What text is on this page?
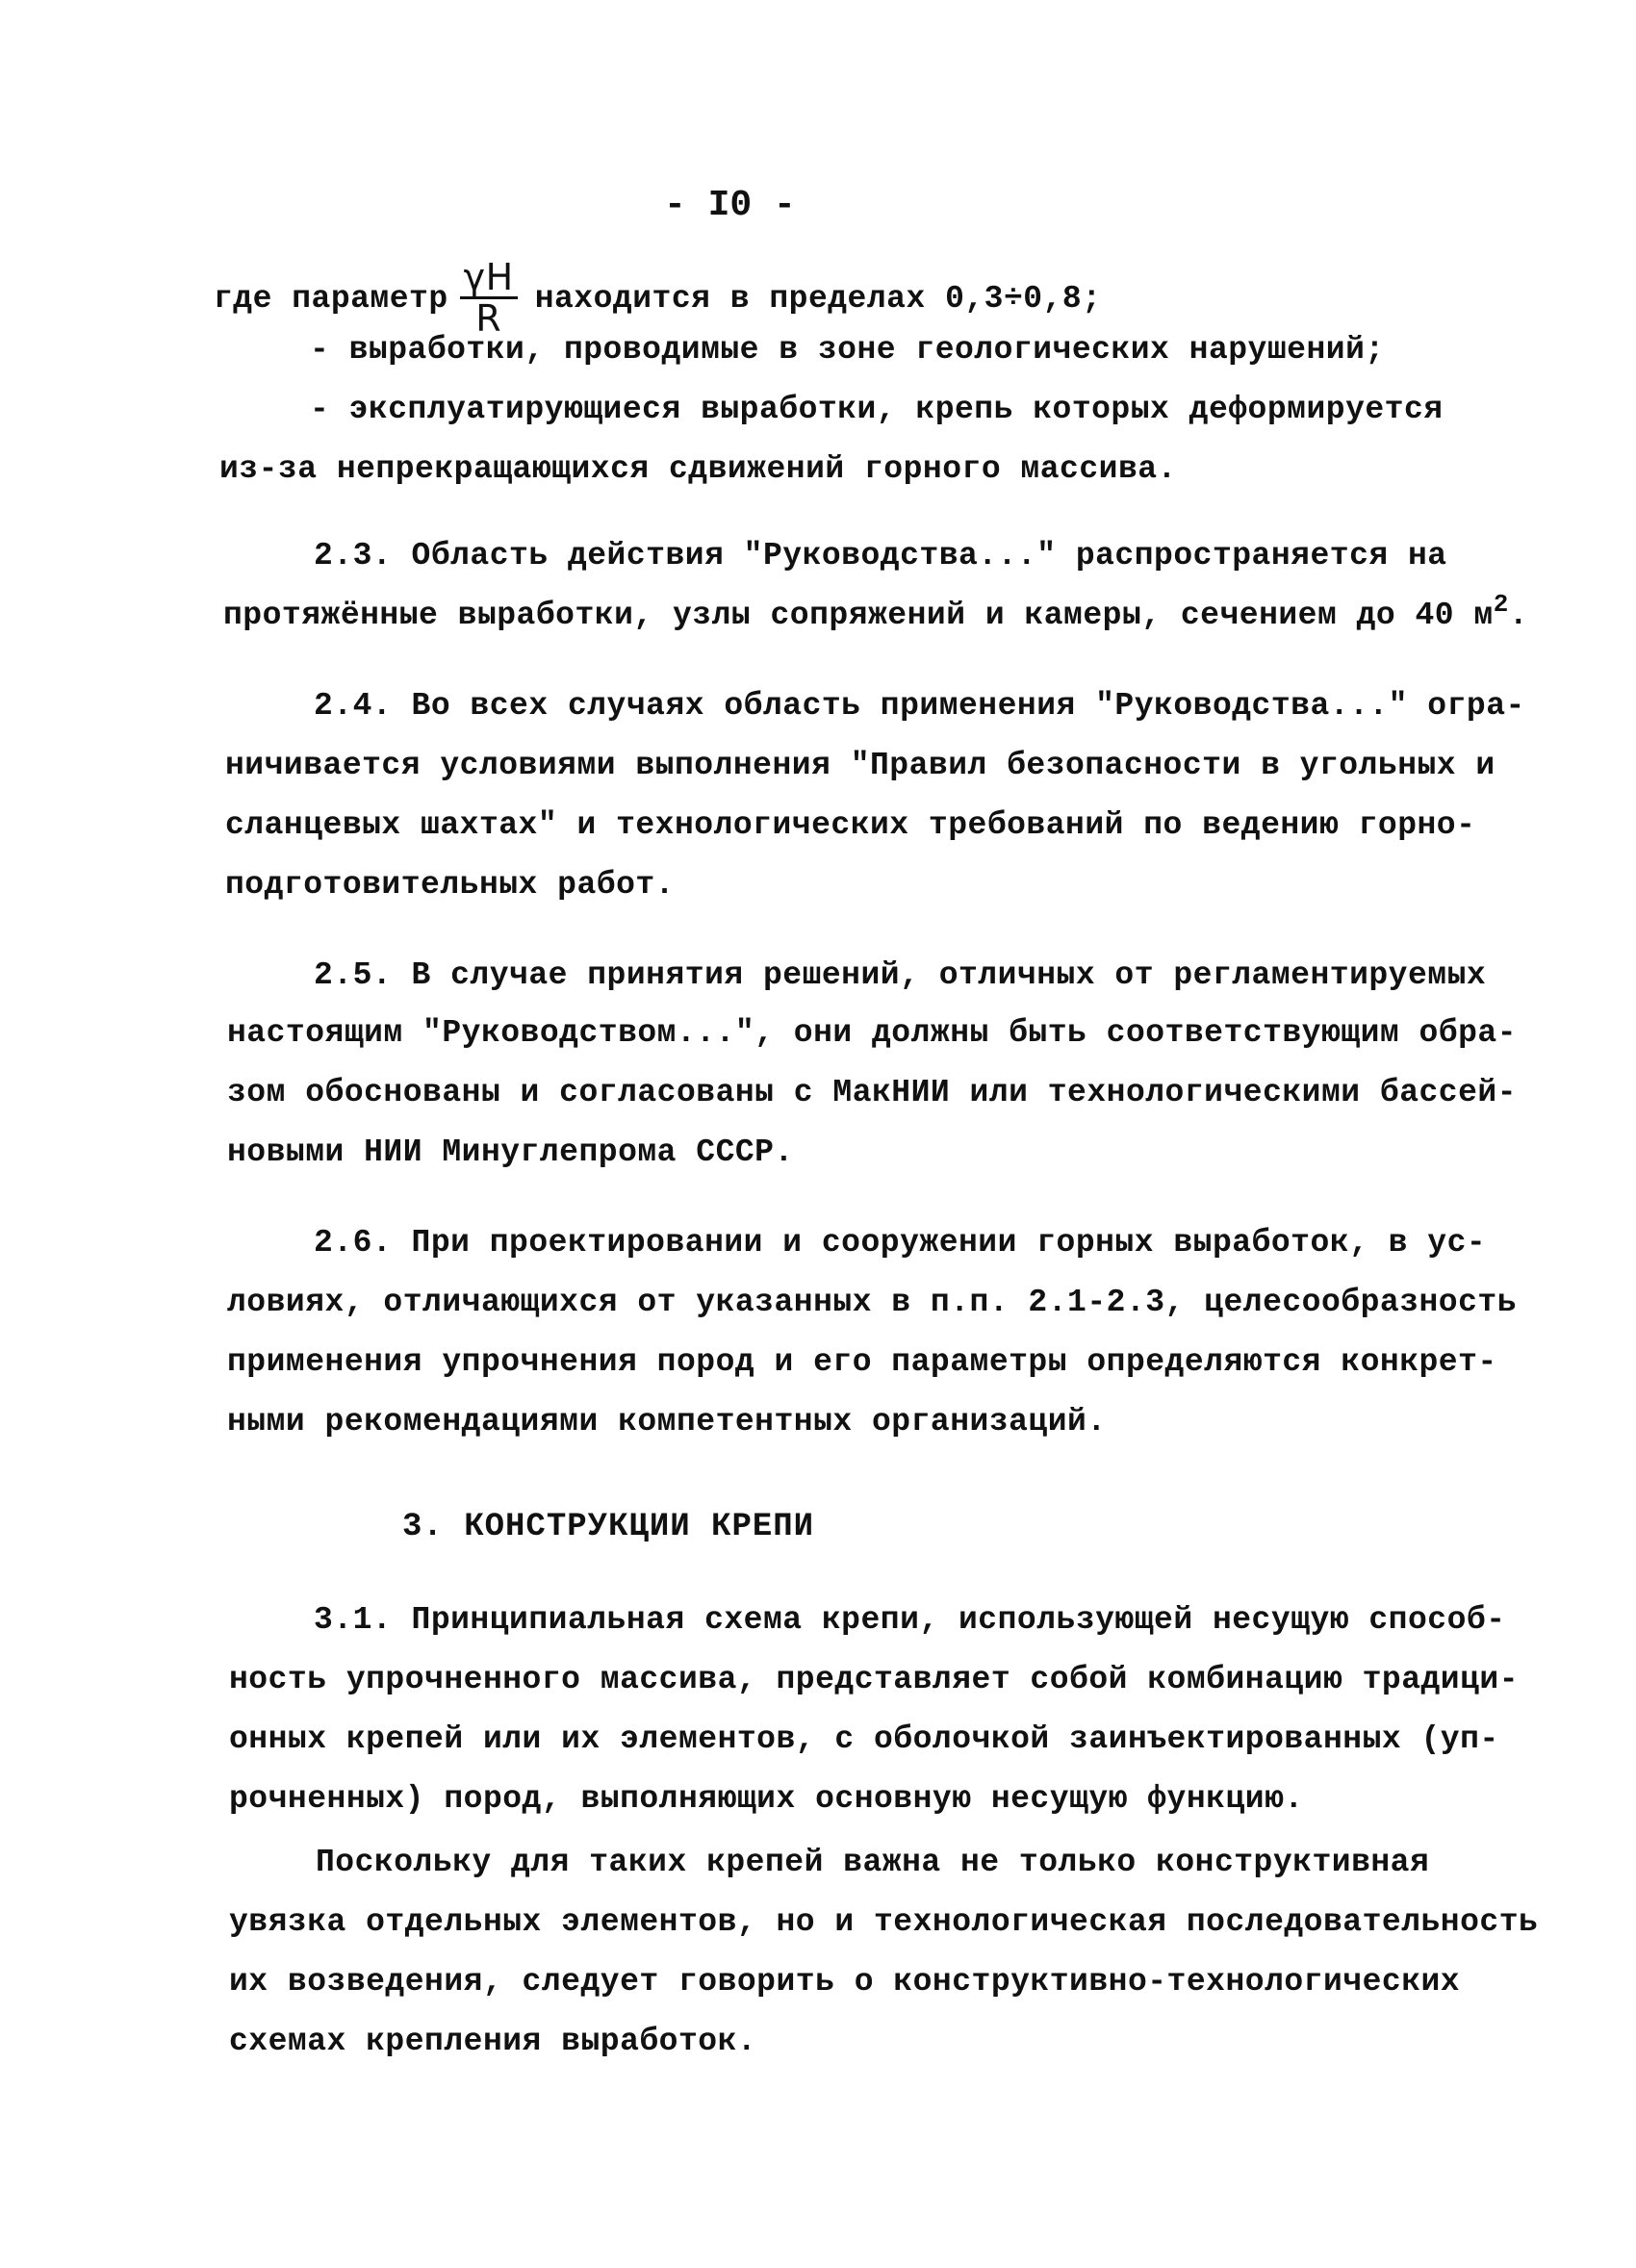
- I0 -
где параметр $\frac{\gamma H}{R}$ находится в пределах 0,3÷0,8;
- выработки, проводимые в зоне геологических нарушений;
- эксплуатирующиеся выработки, крепь которых деформируется
из-за непрекращающихся сдвижений горного массива.
2.3. Область действия "Руководства..." распространяется на
протяжённые выработки, узлы сопряжений и камеры, сечением до 40 $м^2$.
2.4. Во всех случаях область применения "Руководства..." огра-
ничивается условиями выполнения "Правил безопасности в угольных и
сланцевых шахтах" и технологических требований по ведению горно-
подготовительных работ.
2.5. В случае принятия решений, отличных от регламентируемых
настоящим "Руководством...", они должны быть соответствующим обра-
зом обоснованы и согласованы с МакНИИ или технологическими бассей-
новыми НИИ Минуглепрома СССР.
2.6. При проектировании и сооружении горных выработок, в ус-
ловиях, отличающихся от указанных в п.п. 2.1-2.3, целесообразность
применения упрочнения пород и его параметры определяются конкрет-
ными рекомендациями компетентных организаций.
3. КОНСТРУКЦИИ КРЕПИ
3.1. Принципиальная схема крепи, использующей несущую способ-
ность упрочненного массива, представляет собой комбинацию традици-
онных крепей или их элементов, с оболочкой заинъектированных (уп-
рочненных) пород, выполняющих основную несущую функцию.
Поскольку для таких крепей важна не только конструктивная
увязка отдельных элементов, но и технологическая последовательность
их возведения, следует говорить о конструктивно-технологических
схемах крепления выработок.
